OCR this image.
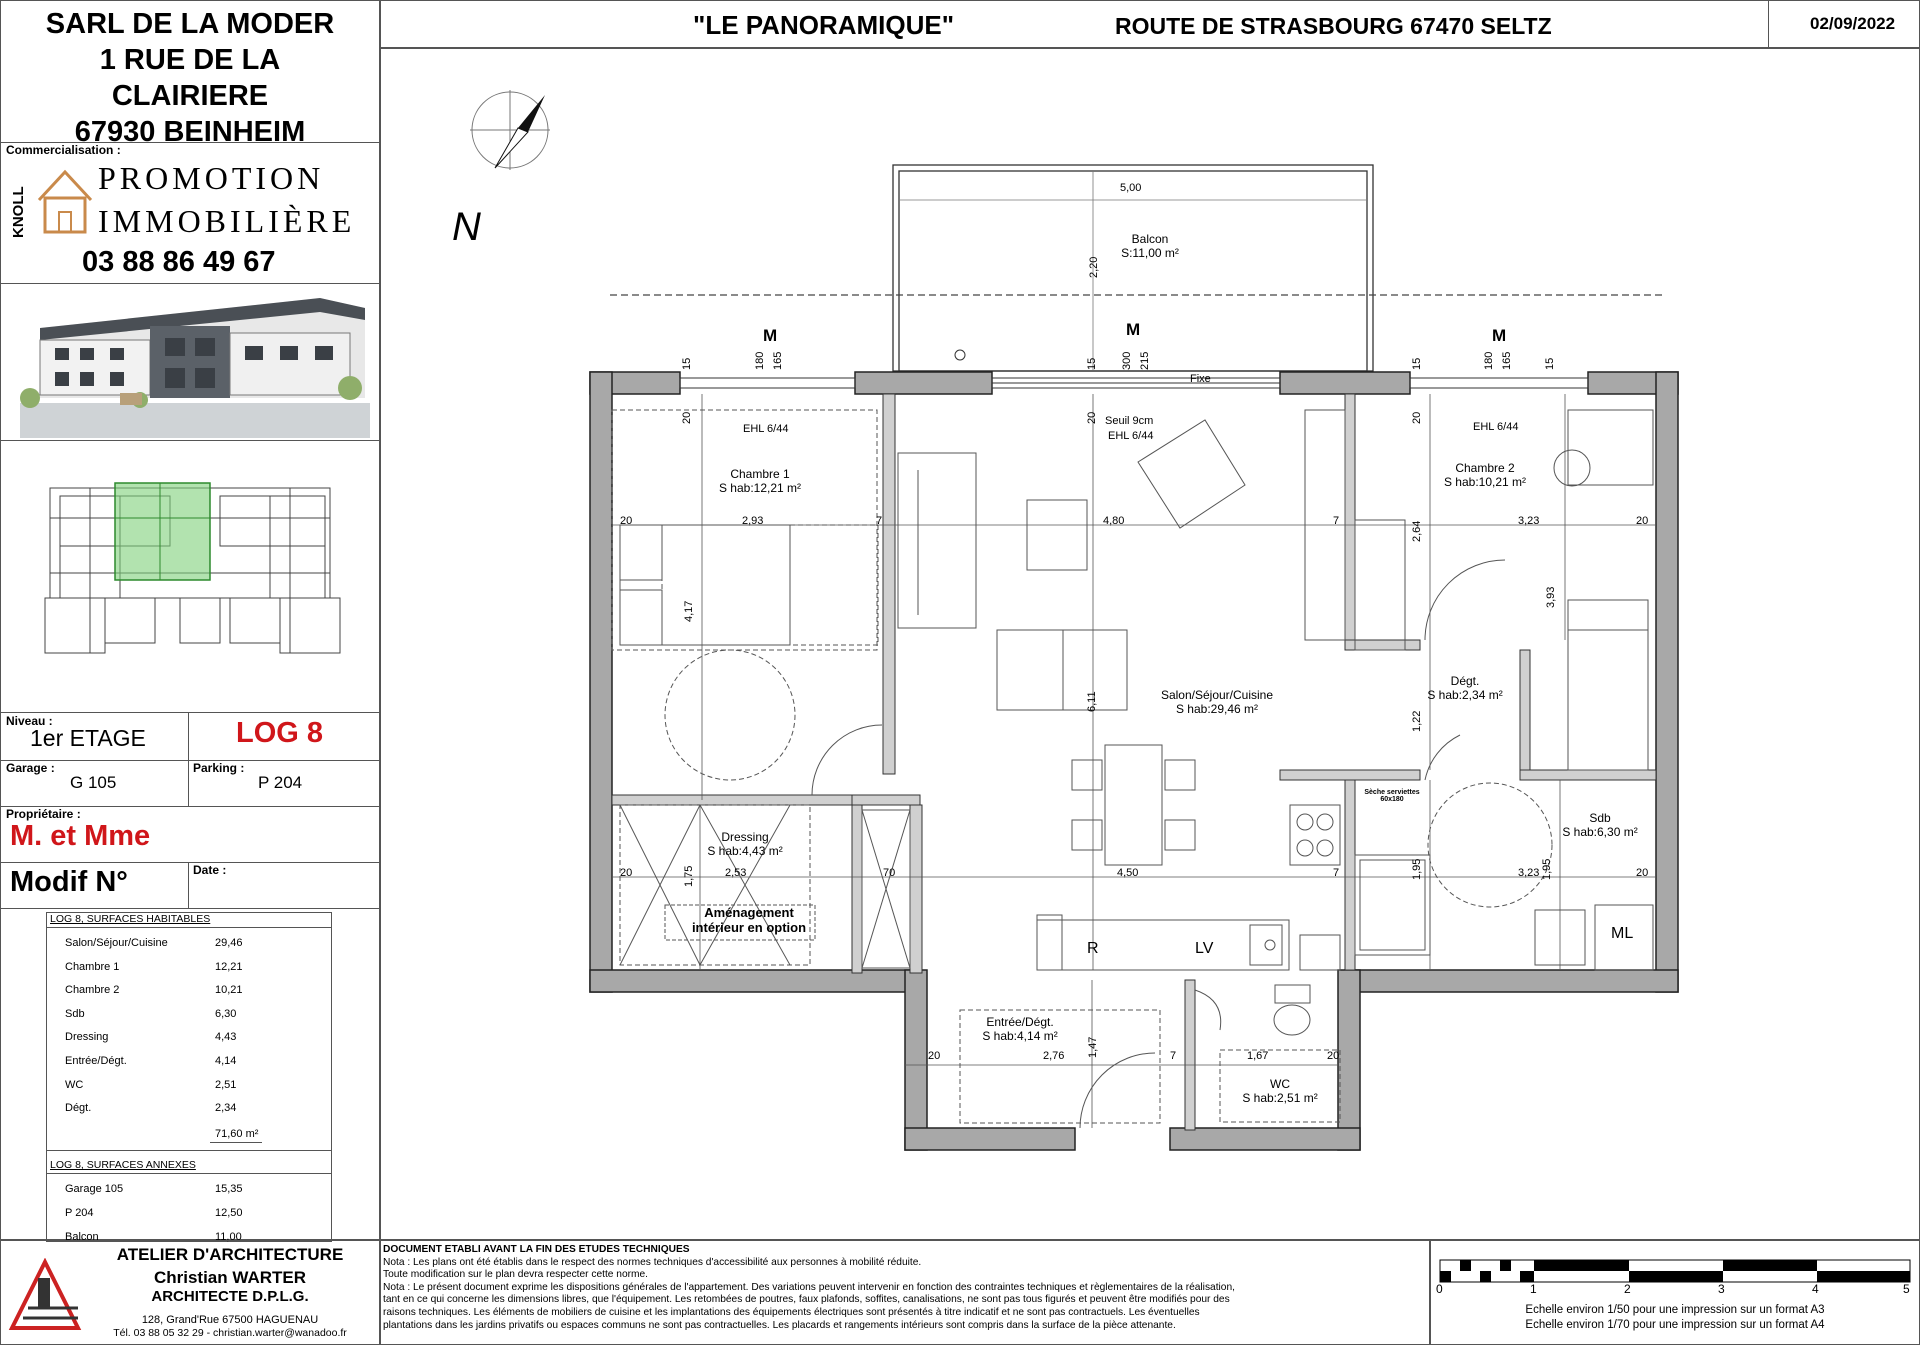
SARL DE LA MODER
1 RUE DE LA
CLAIRIERE
67930 BEINHEIM
Commercialisation :
KNOLL
PROMOTION
IMMOBILIÈRE
03 88 86 49 67
Niveau :
1er ETAGE	LOG 8
Garage :
G 105
Parking :
P 204
Propriétaire :
M. et Mme
Modif N°	Date :
LOG 8, SURFACES HABITABLES
Salon/Séjour/Cuisine	29,46
Chambre 1	12,21
Chambre 2	10,21
Sdb	6,30
Dressing	4,43
Entrée/Dégt.	4,14
WC	2,51
Dégt.	2,34
71,60 m²
LOG 8, SURFACES ANNEXES
Garage 105	15,35
P 204	12,50
Balcon	11,00
"LE PANORAMIQUE"	ROUTE DE STRASBOURG 67470 SELTZ	02/09/2022
N
M	M	M
Balcon
S:11,00 m²
5,00
2,20
Fixe
Seuil 9cm
EHL 6/44
EHL 6/44	EHL 6/44
Chambre 1
S hab:12,21 m²
Chambre 2
S hab:10,21 m²
Salon/Séjour/Cuisine
S hab:29,46 m²
Dégt.
S hab:2,34 m²
Dressing
S hab:4,43 m²
Sdb
S hab:6,30 m²
Entrée/Dégt.
S hab:4,14 m²
WC
S hab:2,51 m²
Aménagement
intérieur en option
Sèche serviettes
60x180
R	LV
ML
20	2,93	7	4,80	7	3,23	20
20	2,53	70	4,50	7	3,23	20
20	2,76	7	1,67	20
15	180 165	15 300 215	15	180 165	15
20	20	20
4,17
6,11
2,64
3,93
1,22
1,75	1,95	1,95
1,47
ATELIER D'ARCHITECTURE
Christian WARTER
ARCHITECTE D.P.L.G.
128, Grand'Rue 67500 HAGUENAU
Tél. 03 88 05 32 29 - christian.warter@wanadoo.fr
DOCUMENT ETABLI AVANT LA FIN DES ETUDES TECHNIQUES
Nota : Les plans ont été établis dans le respect des normes techniques d'accessibilité aux personnes à mobilité réduite.
Toute modification sur le plan devra respecter cette norme.
Nota : Le présent document exprime les dispositions générales de l'appartement. Des variations peuvent intervenir en fonction des contraintes techniques et règlementaires de la réalisation,
tant en ce qui concerne les dimensions libres, que l'équipement. Les retombées de poutres, faux plafonds, soffites, canalisations, ne sont pas tous figurés et peuvent être modifiés pour des
raisons techniques. Les éléments de mobiliers de cuisine et les implantations des équipements électriques sont présentés à titre indicatif et ne sont pas contractuels. Les éventuelles
plantations dans les jardins privatifs ou espaces communs ne sont pas contractuelles. Les placards et rangements intérieurs sont compris dans la surface de la pièce attenante.
0	1	2	3	4	5
Echelle environ 1/50 pour une impression sur un format A3
Echelle environ 1/70 pour une impression sur un format A4
